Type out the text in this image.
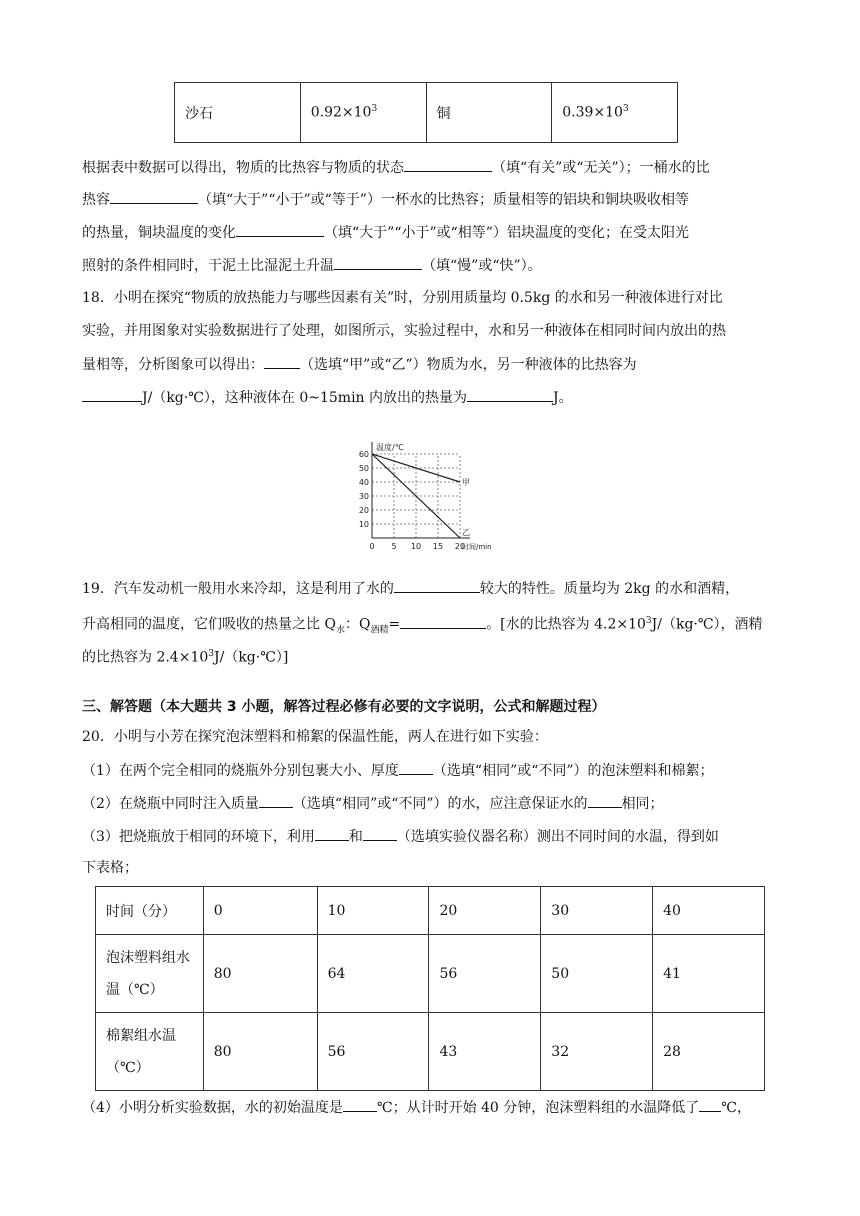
沙石	$0.92\times 10^3$	铜	$0.39\times 10^3$
根据表中数据可以得出，物质的比热容与物质的状态	（填“有关”或“无关”）；一桶水的比
热容	（填“大于”“小于”或“等于”）一杯水的比热容；质量相等的铝块和铜块吸收相等
的热量，铜块温度的变化	（填“大于”“小于”或“相等”）铝块温度的变化；在受太阳光
照射的条件相同时，干泥土比湿泥土升温	（填“慢”或“快”）。
18．小明在探究“物质的放热能力与哪些因素有关”时，分别用质量均 0.5kg 的水和另一种液体进行对比
实验，并用图象对实验数据进行了处理，如图所示，实验过程中，水和另一种液体在相同时间内放出的热
量相等，分析图象可以得出：	（选填“甲”或“乙”）物质为水，另一种液体的比热容为
J/（kg·℃），这种液体在 0~15min 内放出的热量为	J。
0 5 10 15 20
10
20
30
40
50
60
温度/℃
时间/min
甲
乙
19．汽车发动机一般用水来冷却，这是利用了水的	较大的特性。质量均为 2kg 的水和酒精，
升高相同的温度，它们吸收的热量之比 $Q_水$：$Q_{酒精}=$	。[水的比热容为 $4.2\times 10^3J/(kg\cdot℃)$，酒精
的比热容为 $2.4\times 10^3J/(kg\cdot℃)$]
三、解答题（本大题共 3 小题，解答过程必修有必要的文字说明，公式和解题过程）
20．小明与小芳在探究泡沫塑料和棉絮的保温性能，两人在进行如下实验：
（1）在两个完全相同的烧瓶外分别包裹大小、厚度 （选填“相同”或“不同”）的泡沫塑料和棉絮；
（2）在烧瓶中同时注入质量 （选填“相同”或“不同”）的水，应注意保证水的 相同；
（3）把烧瓶放于相同的环境下，利用 和 （选填实验仪器名称）测出不同时间的水温，得到如
下表格；
时间（分）	0	10	20	30	40
泡沫塑料组水
温（℃）	80	64	56	50	41
棉絮组水温
（℃）	80	56	43	32	28
（4）小明分析实验数据，水的初始温度是 ℃；从计时开始 40 分钟，泡沫塑料组的水温降低了 ℃，
